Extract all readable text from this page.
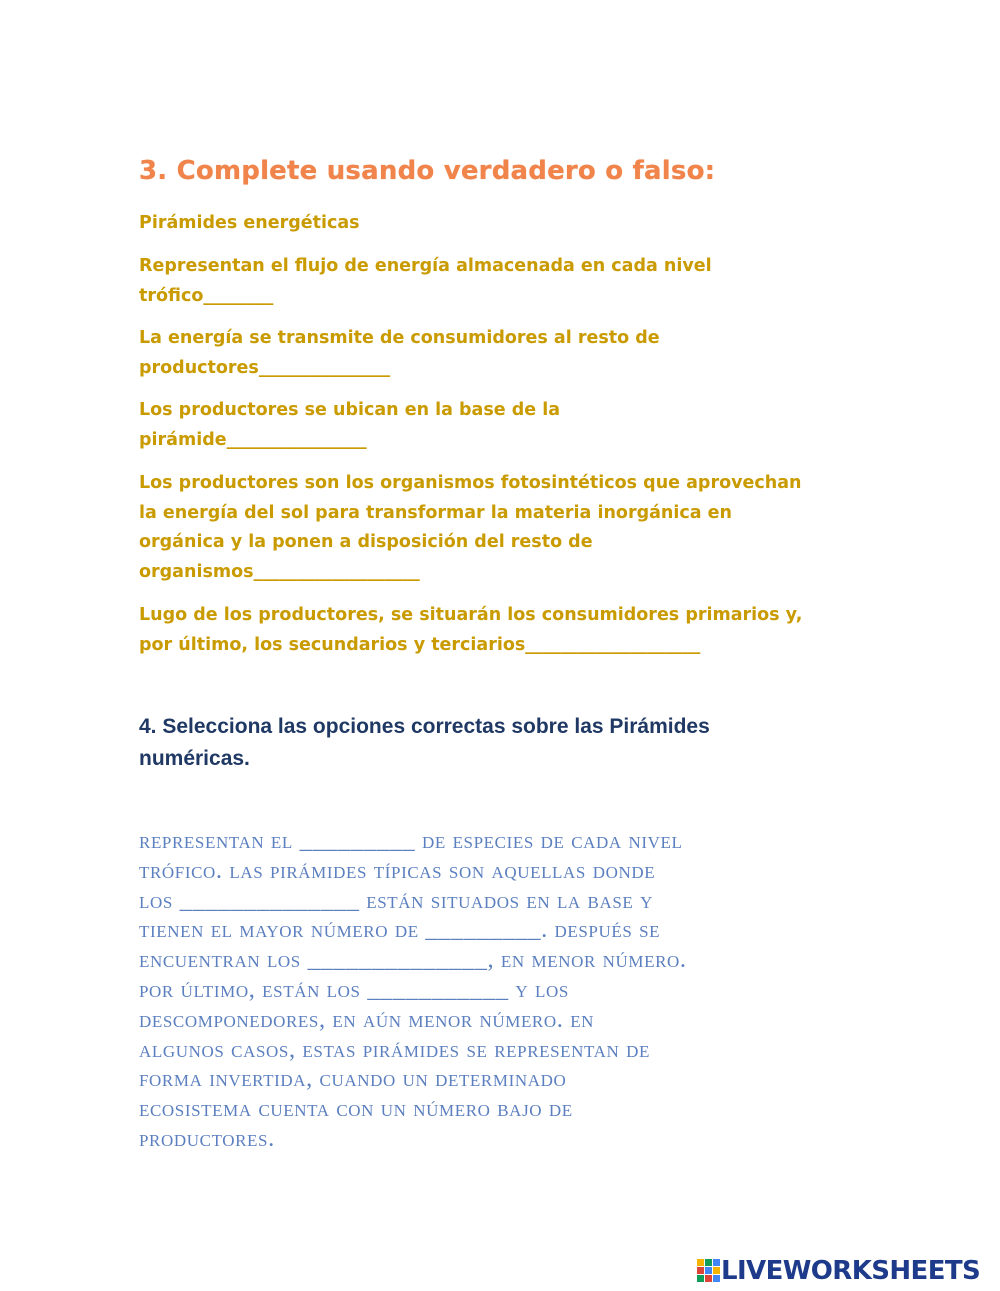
3. Complete usando verdadero o falso:
Pirámides energéticas
Representan el flujo de energía almacenada en cada nivel
trófico________
La energía se transmite de consumidores al resto de
productores_______________
Los productores se ubican en la base de la
pirámide________________
Los productores son los organismos fotosintéticos que aprovechan
la energía del sol para transformar la materia inorgánica en
orgánica y la ponen a disposición del resto de
organismos___________________
Lugo de los productores, se situarán los consumidores primarios y,
por último, los secundarios y terciarios____________________
4. Selecciona las opciones correctas sobre las Pirámides
numéricas.
representan el _________ de especies de cada nivel
trófico. las pirámides típicas son aquellas donde
los ______________ están situados en la base y
tienen el mayor número de _________. después se
encuentran los ______________, en menor número.
por último, están los ___________ y los
descomponedores, en aún menor número. en
algunos casos, estas pirámides se representan de
forma invertida, cuando un determinado
ecosistema cuenta con un número bajo de
productores.
LIVEWORKSHEETS
